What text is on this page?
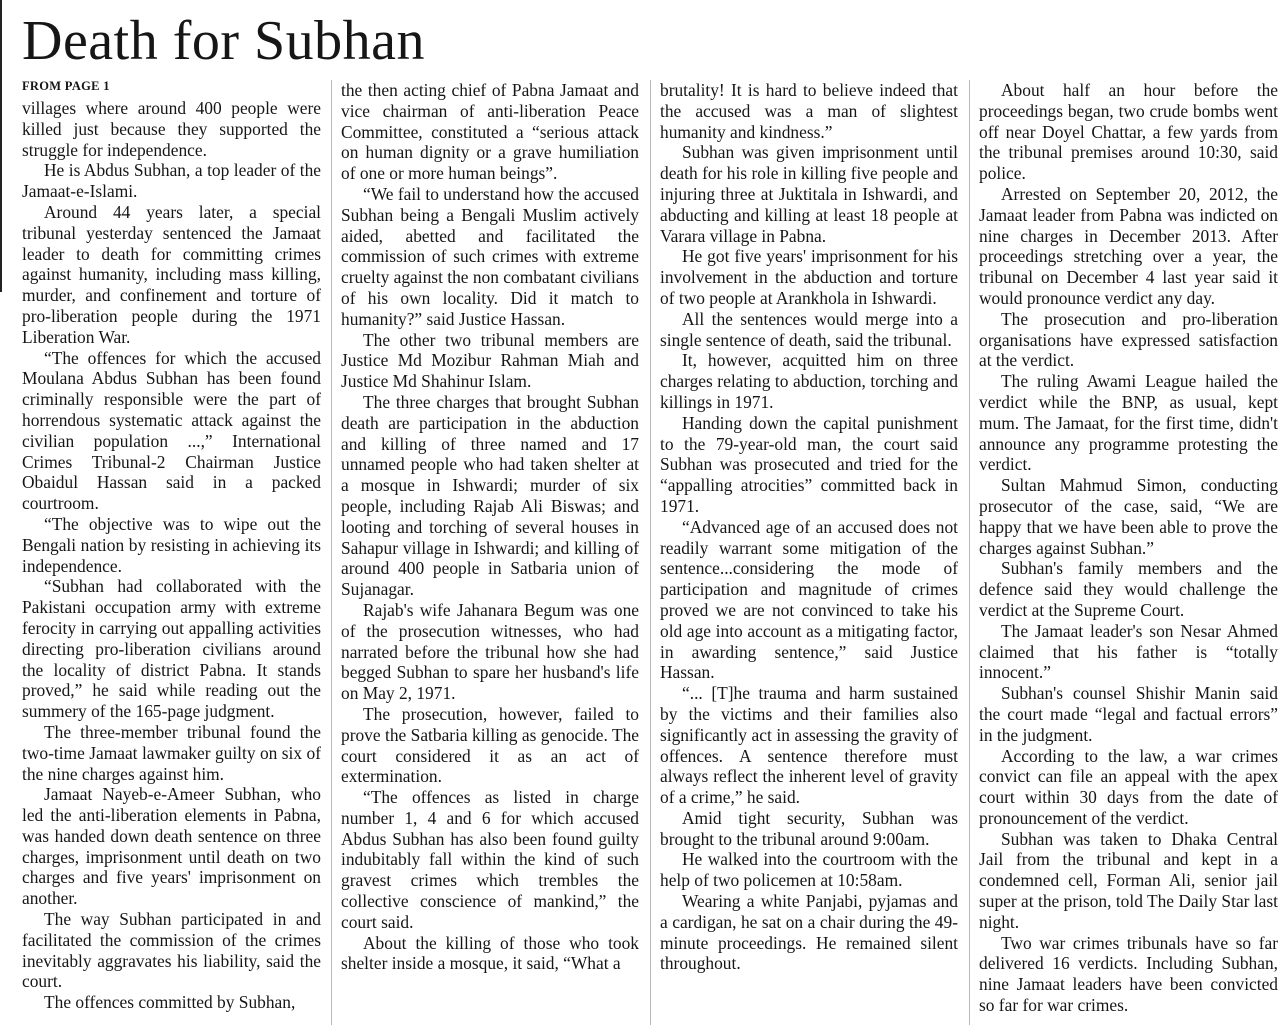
Death for Subhan
FROM PAGE 1

villages where around 400 people were killed just because they supported the struggle for independence.

He is Abdus Subhan, a top leader of the Jamaat-e-Islami.

Around 44 years later, a special tribunal yesterday sentenced the Jamaat leader to death for committing crimes against humanity, including mass killing, murder, and confinement and torture of pro-liberation people during the 1971 Liberation War.

“The offences for which the accused Moulana Abdus Subhan has been found criminally responsible were the part of horrendous systematic attack against the civilian population ...,” International Crimes Tribunal-2 Chairman Justice Obaidul Hassan said in a packed courtroom.

“The objective was to wipe out the Bengali nation by resisting in achieving its independence.

“Subhan had collaborated with the Pakistani occupation army with extreme ferocity in carrying out appalling activities directing pro-liberation civilians around the locality of district Pabna. It stands proved,” he said while reading out the summery of the 165-page judgment.

The three-member tribunal found the two-time Jamaat lawmaker guilty on six of the nine charges against him.

Jamaat Nayeb-e-Ameer Subhan, who led the anti-liberation elements in Pabna, was handed down death sentence on three charges, imprisonment until death on two charges and five years' imprisonment on another.

The way Subhan participated in and facilitated the commission of the crimes inevitably aggravates his liability, said the court.

The offences committed by Subhan,

the then acting chief of Pabna Jamaat and vice chairman of anti-liberation Peace Committee, constituted a “serious attack on human dignity or a grave humiliation of one or more human beings”.

“We fail to understand how the accused Subhan being a Bengali Muslim actively aided, abetted and facilitated the commission of such crimes with extreme cruelty against the non combatant civilians of his own locality. Did it match to humanity?” said Justice Hassan.

The other two tribunal members are Justice Md Mozibur Rahman Miah and Justice Md Shahinur Islam.

The three charges that brought Subhan death are participation in the abduction and killing of three named and 17 unnamed people who had taken shelter at a mosque in Ishwardi; murder of six people, including Rajab Ali Biswas; and looting and torching of several houses in Sahapur village in Ishwardi; and killing of around 400 people in Satbaria union of Sujanagar.

Rajab's wife Jahanara Begum was one of the prosecution witnesses, who had narrated before the tribunal how she had begged Subhan to spare her husband's life on May 2, 1971.

The prosecution, however, failed to prove the Satbaria killing as genocide. The court considered it as an act of extermination.

“The offences as listed in charge number 1, 4 and 6 for which accused Abdus Subhan has also been found guilty indubitably fall within the kind of such gravest crimes which trembles the collective conscience of mankind,” the court said.

About the killing of those who took shelter inside a mosque, it said, “What a

brutality! It is hard to believe indeed that the accused was a man of slightest humanity and kindness.”

Subhan was given imprisonment until death for his role in killing five people and injuring three at Juktitala in Ishwardi, and abducting and killing at least 18 people at Varara village in Pabna.

He got five years' imprisonment for his involvement in the abduction and torture of two people at Arankhola in Ishwardi.

All the sentences would merge into a single sentence of death, said the tribunal.

It, however, acquitted him on three charges relating to abduction, torching and killings in 1971.

Handing down the capital punishment to the 79-year-old man, the court said Subhan was prosecuted and tried for the “appalling atrocities” committed back in 1971.

“Advanced age of an accused does not readily warrant some mitigation of the sentence...considering the mode of participation and magnitude of crimes proved we are not convinced to take his old age into account as a mitigating factor, in awarding sentence,” said Justice Hassan.

“... [T]he trauma and harm sustained by the victims and their families also significantly act in assessing the gravity of offences. A sentence therefore must always reflect the inherent level of gravity of a crime,” he said.

Amid tight security, Subhan was brought to the tribunal around 9:00am.

He walked into the courtroom with the help of two policemen at 10:58am.

Wearing a white Panjabi, pyjamas and a cardigan, he sat on a chair during the 49-minute proceedings. He remained silent throughout.

About half an hour before the proceedings began, two crude bombs went off near Doyel Chattar, a few yards from the tribunal premises around 10:30, said police.

Arrested on September 20, 2012, the Jamaat leader from Pabna was indicted on nine charges in December 2013. After proceedings stretching over a year, the tribunal on December 4 last year said it would pronounce verdict any day.

The prosecution and pro-liberation organisations have expressed satisfaction at the verdict.

The ruling Awami League hailed the verdict while the BNP, as usual, kept mum. The Jamaat, for the first time, didn't announce any programme protesting the verdict.

Sultan Mahmud Simon, conducting prosecutor of the case, said, “We are happy that we have been able to prove the charges against Subhan.”

Subhan's family members and the defence said they would challenge the verdict at the Supreme Court.

The Jamaat leader's son Nesar Ahmed claimed that his father is “totally innocent.”

Subhan's counsel Shishir Manin said the court made “legal and factual errors” in the judgment.

According to the law, a war crimes convict can file an appeal with the apex court within 30 days from the date of pronouncement of the verdict.

Subhan was taken to Dhaka Central Jail from the tribunal and kept in a condemned cell, Forman Ali, senior jail super at the prison, told The Daily Star last night.

Two war crimes tribunals have so far delivered 16 verdicts. Including Subhan, nine Jamaat leaders have been convicted so far for war crimes.
